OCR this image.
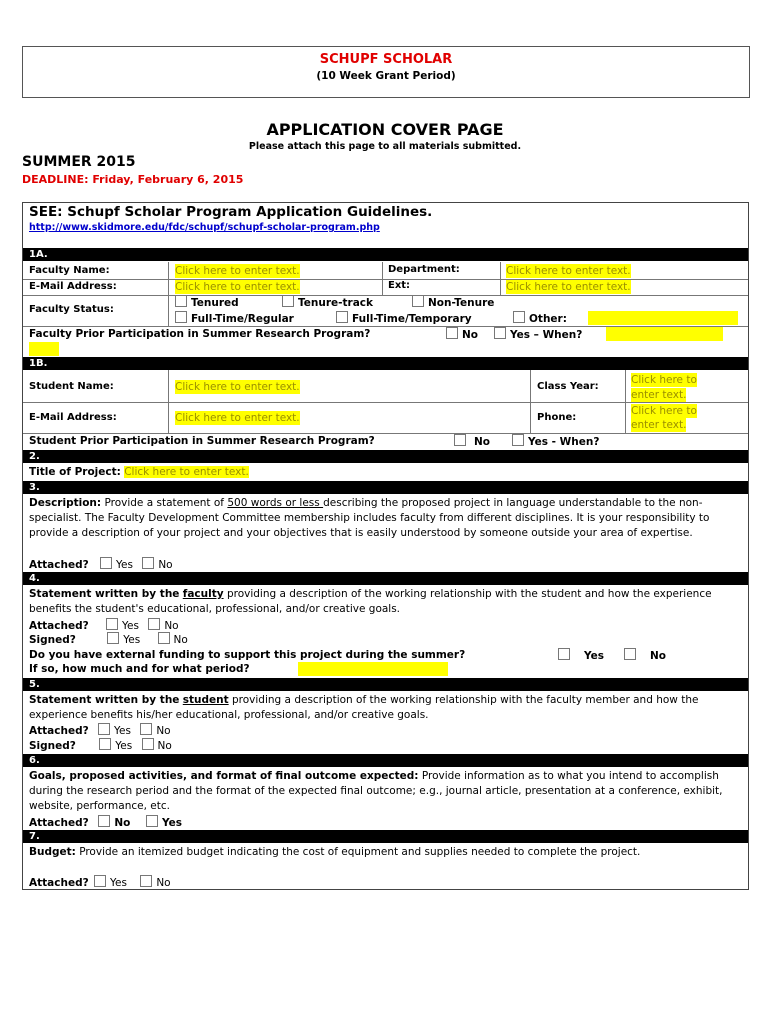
SCHUPF SCHOLAR
(10 Week Grant Period)
APPLICATION COVER PAGE
Please attach this page to all materials submitted.
SUMMER 2015
DEADLINE: Friday, February 6, 2015
SEE: Schupf Scholar Program Application Guidelines.
http://www.skidmore.edu/fdc/schupf/schupf-scholar-program.php
1A.
Faculty Name:	Click here to enter text.	Department:	Click here to enter text.
E-Mail Address:	Click here to enter text.	Ext:	Click here to enter text.
Faculty Status:
Tenured	Tenure-track	Non-Tenure
Full-Time/Regular	Full-Time/Temporary	Other:
Faculty Prior Participation in Summer Research Program?	No	Yes – When?
1B.
Student Name:	Click here to enter text.	Class Year:
Click here to
enter text.
E-Mail Address:	Click here to enter text.	Phone:
Click here to
enter text.
Student Prior Participation in Summer Research Program?	No	Yes - When?
2.
Title of Project: Click here to enter text.
3.
Description: Provide a statement of 500 words or less describing the proposed project in language understandable to the non-specialist. The Faculty Development Committee membership includes faculty from different disciplines. It is your responsibility to provide a description of your project and your objectives that is easily understood by someone outside your area of expertise.
Attached?	Yes No
4.
Statement written by the faculty providing a description of the working relationship with the student and how the experience benefits the student's educational, professional, and/or creative goals.
Attached?	Yes No
Signed?	Yes	No
Do you have external funding to support this project during the summer?	Yes	No
If so, how much and for what period?
5.
Statement written by the student providing a description of the working relationship with the faculty member and how the experience benefits his/her educational, professional, and/or creative goals.
Attached? Yes No
Signed?	Yes No
6.
Goals, proposed activities, and format of final outcome expected: Provide information as to what you intend to accomplish during the research period and the format of the expected final outcome; e.g., journal article, presentation at a conference, exhibit, website, performance, etc.
Attached? No	Yes
7.
Budget: Provide an itemized budget indicating the cost of equipment and supplies needed to complete the project.
Attached? Yes	No
